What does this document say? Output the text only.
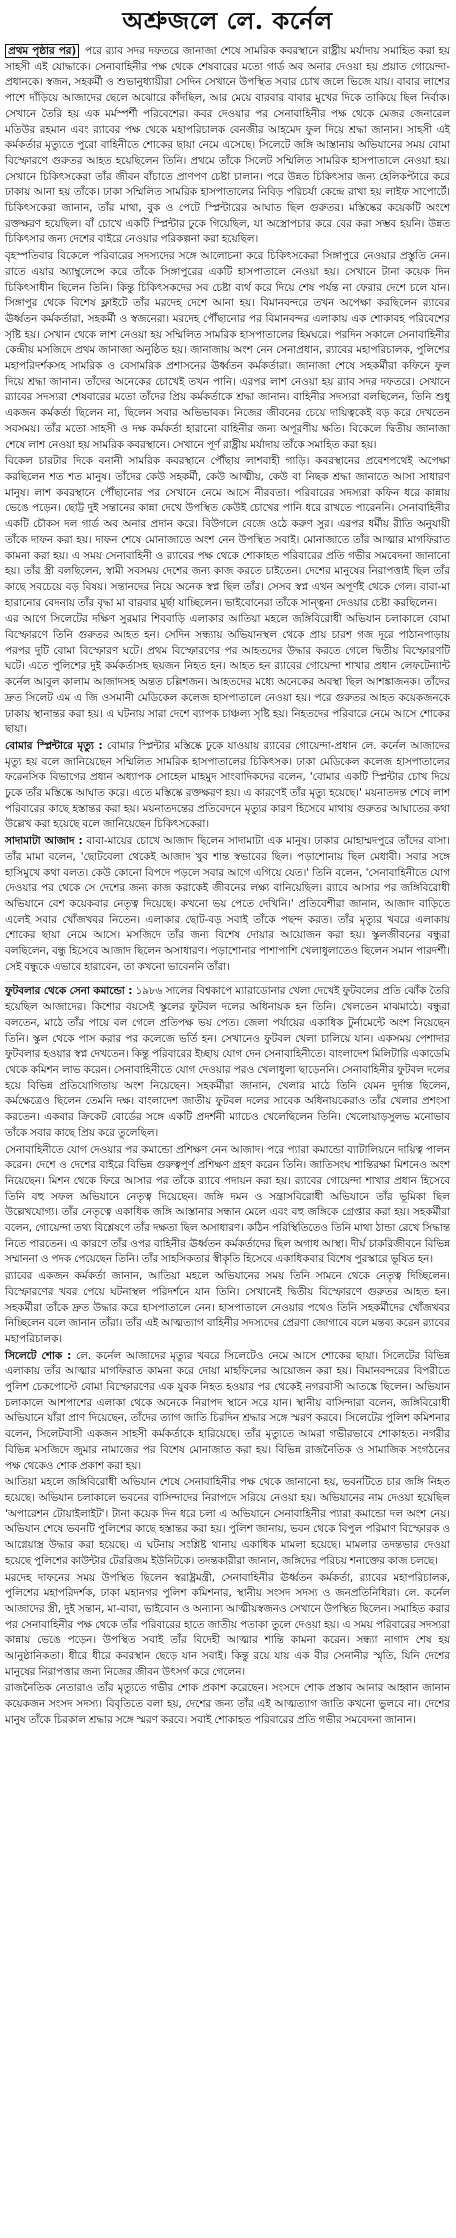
অশ্রুজলে লে. কর্নেল

প্রথম পৃষ্ঠার পর) পরে র‍্যাব সদর দফতরে জানাজা শেষে সামরিক কবরস্থানে রাষ্ট্রীয় মর্যাদায় সমাহিত করা হয় সাহসী এই যোদ্ধাকে। সেনাবাহিনীর পক্ষ থেকে শেষবারের মতো গার্ড অব অনার দেওয়া হয় প্রয়াত গোয়েন্দা-প্রধানকে। স্বজন, সহকর্মী ও শুভানুধ্যায়ীরা সেদিন সেখানে উপস্থিত সবার চোখ জলে ভিজে যায়। বাবার লাশের পাশে দাঁড়িয়ে আজাদের ছেলে অঝোরে কাঁদছিল, আর মেয়ে বারবার বাবার মুখের দিকে তাকিয়ে ছিল নির্বাক। সেখানে তৈরি হয় এক মর্মস্পর্শী পরিবেশের। কবর দেওয়ার পর সেনাবাহিনীর পক্ষ থেকে মেজর জেনারেল মতিউর রহমান এবং র‍্যাবের পক্ষ থেকে মহাপরিচালক বেনজীর আহমেদ ফুল দিয়ে শ্রদ্ধা জানান। সাহসী এই কর্মকর্তার মৃত্যুতে পুরো বাহিনীতে শোকের ছায়া নেমে এসেছে। সিলেটে জঙ্গি আস্তানায় অভিযানের সময় বোমা বিস্ফোরণে গুরুতর আহত হয়েছিলেন তিনি। প্রথমে তাঁকে সিলেট সম্মিলিত সামরিক হাসপাতালে নেওয়া হয়। সেখানে চিকিৎসকেরা তাঁর জীবন বাঁচাতে প্রাণপণ চেষ্টা চালান। পরে উন্নত চিকিৎসার জন্য হেলিকপ্টারে করে ঢাকায় আনা হয় তাঁকে। ঢাকা সম্মিলিত সামরিক হাসপাতালের নিবিড় পরিচর্যা কেন্দ্রে রাখা হয় লাইফ সাপোর্টে। চিকিৎসকেরা জানান, তাঁর মাথা, বুক ও পেটে স্প্লিন্টারের আঘাত ছিল গুরুতর। মস্তিষ্কের কয়েকটি অংশে রক্তক্ষরণ হয়েছিল। বাঁ চোখে একটি স্প্লিন্টার ঢুকে গিয়েছিল, যা অস্ত্রোপচার করে বের করা সম্ভব হয়নি। উন্নত চিকিৎসার জন্য দেশের বাইরে নেওয়ার পরিকল্পনা করা হয়েছিল।

বৃহস্পতিবার বিকেলে পরিবারের সদস্যদের সঙ্গে আলোচনা করে চিকিৎসকেরা সিঙ্গাপুরে নেওয়ার প্রস্তুতি নেন। রাতে এয়ার অ্যাম্বুলেন্সে করে তাঁকে সিঙ্গাপুরের একটি হাসপাতালে নেওয়া হয়। সেখানে টানা কয়েক দিন চিকিৎসাধীন ছিলেন তিনি। কিন্তু চিকিৎসকদের সব চেষ্টা ব্যর্থ করে দিয়ে শেষ পর্যন্ত না ফেরার দেশে চলে যান। সিঙ্গাপুর থেকে বিশেষ ফ্লাইটে তাঁর মরদেহ দেশে আনা হয়। বিমানবন্দরে তখন অপেক্ষা করছিলেন র‍্যাবের ঊর্ধ্বতন কর্মকর্তারা, সহকর্মী ও স্বজনেরা। মরদেহ পৌঁছানোর পর বিমানবন্দর এলাকায় এক শোকাবহ পরিবেশের সৃষ্টি হয়। সেখান থেকে লাশ নেওয়া হয় সম্মিলিত সামরিক হাসপাতালের হিমঘরে। পরদিন সকালে সেনাবাহিনীর কেন্দ্রীয় মসজিদে প্রথম জানাজা অনুষ্ঠিত হয়। জানাজায় অংশ নেন সেনাপ্রধান, র‍্যাবের মহাপরিচালক, পুলিশের মহাপরিদর্শকসহ সামরিক ও বেসামরিক প্রশাসনের ঊর্ধ্বতন কর্মকর্তারা। জানাজা শেষে সহকর্মীরা কফিনে ফুল দিয়ে শ্রদ্ধা জানান। তাঁদের অনেকের চোখেই তখন পানি। এরপর লাশ নেওয়া হয় র‍্যাব সদর দফতরে। সেখানে র‍্যাবের সদস্যরা শেষবারের মতো তাঁদের প্রিয় কর্মকর্তাকে শ্রদ্ধা জানান। বাহিনীর সদস্যরা বলছিলেন, তিনি শুধু একজন কর্মকর্তা ছিলেন না, ছিলেন সবার অভিভাবক। নিজের জীবনের চেয়ে দায়িত্বকেই বড় করে দেখতেন সবসময়। তাঁর মতো সাহসী ও দক্ষ কর্মকর্তা হারানো বাহিনীর জন্য অপূরণীয় ক্ষতি। বিকেলে দ্বিতীয় জানাজা শেষে লাশ নেওয়া হয় সামরিক কবরস্থানে। সেখানে পূর্ণ রাষ্ট্রীয় মর্যাদায় তাঁকে সমাহিত করা হয়।

বিকেল চারটার দিকে বনানী সামরিক কবরস্থানে পৌঁছায় লাশবাহী গাড়ি। কবরস্থানের প্রবেশপথেই অপেক্ষা করছিলেন শত শত মানুষ। তাঁদের কেউ সহকর্মী, কেউ আত্মীয়, কেউ বা নিছক শ্রদ্ধা জানাতে আসা সাধারণ মানুষ। লাশ কবরস্থানে পৌঁছানোর পর সেখানে নেমে আসে নীরবতা। পরিবারের সদস্যরা কফিন ধরে কান্নায় ভেঙে পড়েন। ছোট্ট দুই সন্তানের কান্না দেখে উপস্থিত কেউই চোখের পানি ধরে রাখতে পারেননি। সেনাবাহিনীর একটি চৌকস দল গার্ড অব অনার প্রদান করে। বিউগলে বেজে ওঠে করুণ সুর। এরপর ধর্মীয় রীতি অনুযায়ী তাঁকে দাফন করা হয়। দাফন শেষে মোনাজাতে অংশ নেন উপস্থিত সবাই। মোনাজাতে তাঁর আত্মার মাগফিরাত কামনা করা হয়। এ সময় সেনাবাহিনী ও র‍্যাবের পক্ষ থেকে শোকাহত পরিবারের প্রতি গভীর সমবেদনা জানানো হয়। তাঁর স্ত্রী বলছিলেন, স্বামী সবসময় দেশের জন্য কাজ করতে চাইতেন। দেশের মানুষের নিরাপত্তাই ছিল তাঁর কাছে সবচেয়ে বড় বিষয়। সন্তানদের নিয়ে অনেক স্বপ্ন ছিল তাঁর। সেসব স্বপ্ন এখন অপূর্ণই থেকে গেল। বাবা-মা হারানোর বেদনায় তাঁর বৃদ্ধা মা বারবার মূর্ছা যাচ্ছিলেন। ভাইবোনেরা তাঁকে সান্ত্বনা দেওয়ার চেষ্টা করছিলেন।

এর আগে সিলেটের দক্ষিণ সুরমার শিববাড়ি এলাকার আতিয়া মহলে জঙ্গিবিরোধী অভিযান চলাকালে বোমা বিস্ফোরণে তিনি গুরুতর আহত হন। সেদিন সন্ধ্যায় অভিযানস্থল থেকে প্রায় চারশ গজ দূরে পাঠানপাড়ায় পরপর দুটি বোমা বিস্ফোরণ ঘটে। প্রথম বিস্ফোরণের পর আহতদের উদ্ধার করতে গেলে দ্বিতীয় বিস্ফোরণটি ঘটে। এতে পুলিশের দুই কর্মকর্তাসহ ছয়জন নিহত হন। আহত হন র‍্যাবের গোয়েন্দা শাখার প্রধান লেফটেন্যান্ট কর্নেল আবুল কালাম আজাদসহ অন্তত চল্লিশজন। আহতদের মধ্যে অনেকের অবস্থা ছিল আশঙ্কাজনক। তাঁদের দ্রুত সিলেট এম এ জি ওসমানী মেডিকেল কলেজ হাসপাতালে নেওয়া হয়। পরে গুরুতর আহত কয়েকজনকে ঢাকায় স্থানান্তর করা হয়। এ ঘটনায় সারা দেশে ব্যাপক চাঞ্চল্য সৃষ্টি হয়। নিহতদের পরিবারে নেমে আসে শোকের ছায়া।

বোমার স্প্লিন্টারে মৃত্যু : বোমার স্প্লিন্টার মস্তিষ্কে ঢুকে যাওয়ায় র‍্যাবের গোয়েন্দা-প্রধান লে. কর্নেল আজাদের মৃত্যু হয় বলে জানিয়েছেন সম্মিলিত সামরিক হাসপাতালের চিকিৎসক। ঢাকা মেডিকেল কলেজ হাসপাতালের ফরেনসিক বিভাগের প্রধান অধ্যাপক সোহেল মাহমুদ সাংবাদিকদের বলেন, 'বোমার একটি স্প্লিন্টার চোখ দিয়ে ঢুকে তাঁর মস্তিষ্কে আঘাত করে। এতে মস্তিষ্কে রক্তক্ষরণ হয়। এ কারণেই তাঁর মৃত্যু হয়েছে।' ময়নাতদন্ত শেষে লাশ পরিবারের কাছে হস্তান্তর করা হয়। ময়নাতদন্তের প্রতিবেদনে মৃত্যুর কারণ হিসেবে মাথায় গুরুতর আঘাতের কথা উল্লেখ করা হয়েছে বলে জানিয়েছেন চিকিৎসকেরা।

সাদামাটা আজাদ : বাবা-মায়ের চোখে আজাদ ছিলেন সাদামাটা এক মানুষ। ঢাকার মোহাম্মদপুরে তাঁদের বাসা। তাঁর মামা বলেন, 'ছোটবেলা থেকেই আজাদ খুব শান্ত স্বভাবের ছিল। পড়াশোনায় ছিল মেধাবী। সবার সঙ্গে হাসিমুখে কথা বলত। কেউ কোনো বিপদে পড়লে সবার আগে এগিয়ে যেত।' তিনি বলেন, 'সেনাবাহিনীতে যোগ দেওয়ার পর থেকে সে দেশের জন্য কাজ করাকেই জীবনের লক্ষ্য বানিয়েছিল। র‍্যাবে আসার পর জঙ্গিবিরোধী অভিযানে বেশ কয়েকবার নেতৃত্ব দিয়েছে। কখনো ভয় পেতে দেখিনি।' প্রতিবেশীরা জানান, আজাদ বাড়িতে এলেই সবার খোঁজখবর নিতেন। এলাকার ছোট-বড় সবাই তাঁকে পছন্দ করত। তাঁর মৃত্যুর খবরে এলাকায় শোকের ছায়া নেমে আসে। মসজিদে তাঁর জন্য বিশেষ দোয়ার আয়োজন করা হয়। স্কুলজীবনের বন্ধুরা বলছিলেন, বন্ধু হিসেবে আজাদ ছিলেন অসাধারণ। পড়াশোনার পাশাপাশি খেলাধুলাতেও ছিলেন সমান পারদর্শী। সেই বন্ধুকে এভাবে হারাবেন, তা কখনো ভাবেননি তাঁরা।

ফুটবলার থেকে সেনা কমান্ডো : ১৯৮৬ সালের বিশ্বকাপে ম্যারাডোনার খেলা দেখেই ফুটবলের প্রতি ঝোঁক তৈরি হয়েছিল আজাদের। কিশোর বয়সেই স্কুলের ফুটবল দলের অধিনায়ক হন তিনি। খেলতেন মাঝমাঠে। বন্ধুরা বলতেন, মাঠে তাঁর পায়ে বল গেলে প্রতিপক্ষ ভয় পেত। জেলা পর্যায়ের একাধিক টুর্নামেন্টে অংশ নিয়েছেন তিনি। স্কুল থেকে পাস করার পর কলেজে ভর্তি হন। সেখানেও ফুটবল খেলা চালিয়ে যান। একসময় পেশাদার ফুটবলার হওয়ার স্বপ্ন দেখতেন। কিন্তু পরিবারের ইচ্ছায় যোগ দেন সেনাবাহিনীতে। বাংলাদেশ মিলিটারি একাডেমি থেকে কমিশন লাভ করেন। সেনাবাহিনীতে যোগ দেওয়ার পরও খেলাধুলা ছাড়েননি। সেনাবাহিনীর ফুটবল দলের হয়ে বিভিন্ন প্রতিযোগিতায় অংশ নিয়েছেন। সহকর্মীরা জানান, খেলার মাঠে তিনি যেমন দুর্দান্ত ছিলেন, কর্মক্ষেত্রেও ছিলেন তেমনি দক্ষ। বাংলাদেশ জাতীয় ফুটবল দলের সাবেক অধিনায়কেরাও তাঁর খেলার প্রশংসা করতেন। একবার ক্রিকেট বোর্ডের সঙ্গে একটি প্রদর্শনী ম্যাচেও খেলেছিলেন তিনি। খেলোয়াড়সুলভ মনোভাব তাঁকে সবার কাছে প্রিয় করে তুলেছিল।

সেনাবাহিনীতে যোগ দেওয়ার পর কমান্ডো প্রশিক্ষণ নেন আজাদ। পরে প্যারা কমান্ডো ব্যাটালিয়নে দায়িত্ব পালন করেন। দেশে ও দেশের বাইরে বিভিন্ন গুরুত্বপূর্ণ প্রশিক্ষণ গ্রহণ করেন তিনি। জাতিসংঘ শান্তিরক্ষা মিশনেও অংশ নিয়েছেন। মিশন থেকে ফিরে আসার পর তাঁকে র‍্যাবে পদায়ন করা হয়। র‍্যাবের গোয়েন্দা শাখার প্রধান হিসেবে তিনি বহু সফল অভিযানে নেতৃত্ব দিয়েছেন। জঙ্গি দমন ও সন্ত্রাসবিরোধী অভিযানে তাঁর ভূমিকা ছিল উল্লেখযোগ্য। তাঁর নেতৃত্বে একাধিক জঙ্গি আস্তানার সন্ধান মেলে এবং বহু জঙ্গিকে গ্রেপ্তার করা হয়। সহকর্মীরা বলেন, গোয়েন্দা তথ্য বিশ্লেষণে তাঁর দক্ষতা ছিল অসাধারণ। কঠিন পরিস্থিতিতেও তিনি মাথা ঠান্ডা রেখে সিদ্ধান্ত নিতে পারতেন। এ কারণে তাঁর ওপর বাহিনীর ঊর্ধ্বতন কর্মকর্তাদের ছিল অগাধ আস্থা। দীর্ঘ চাকরিজীবনে বিভিন্ন সম্মাননা ও পদক পেয়েছেন তিনি। তাঁর সাহসিকতার স্বীকৃতি হিসেবে একাধিকবার বিশেষ পুরস্কারে ভূষিত হন।

র‍্যাবের একজন কর্মকর্তা জানান, আতিয়া মহলে অভিযানের সময় তিনি সামনে থেকে নেতৃত্ব দিচ্ছিলেন। বিস্ফোরণের খবর পেয়ে ঘটনাস্থল পরিদর্শনে যান তিনি। সেখানেই দ্বিতীয় বিস্ফোরণে গুরুতর আহত হন। সহকর্মীরা তাঁকে দ্রুত উদ্ধার করে হাসপাতালে নেন। হাসপাতালে নেওয়ার পথেও তিনি সহকর্মীদের খোঁজখবর নিচ্ছিলেন বলে জানান তাঁরা। তাঁর এই আত্মত্যাগ বাহিনীর সদস্যদের প্রেরণা জোগাবে বলে মন্তব্য করেন র‍্যাবের মহাপরিচালক।

সিলেটে শোক : লে. কর্নেল আজাদের মৃত্যুর খবরে সিলেটেও নেমে আসে শোকের ছায়া। সিলেটের বিভিন্ন এলাকায় তাঁর আত্মার মাগফিরাত কামনা করে দোয়া মাহফিলের আয়োজন করা হয়। বিমানবন্দরের বিপরীতে পুলিশ চেকপোস্টে বোমা বিস্ফোরণের এক যুবক নিহত হওয়ার পর থেকেই নগরবাসী আতঙ্কে ছিলেন। অভিযান চলাকালে আশপাশের এলাকা থেকে অনেকে নিরাপদ স্থানে সরে যান। স্থানীয় বাসিন্দারা বলেন, জঙ্গিবিরোধী অভিযানে যাঁরা প্রাণ দিয়েছেন, তাঁদের ত্যাগ জাতি চিরদিন শ্রদ্ধার সঙ্গে স্মরণ করবে। সিলেটের পুলিশ কমিশনার বলেন, সিলেটবাসী একজন সাহসী কর্মকর্তাকে হারিয়েছে। তাঁর মৃত্যুতে আমরা গভীরভাবে শোকাহত। নগরীর বিভিন্ন মসজিদে জুমার নামাজের পর বিশেষ মোনাজাত করা হয়। বিভিন্ন রাজনৈতিক ও সামাজিক সংগঠনের পক্ষ থেকেও শোক প্রকাশ করা হয়।

আতিয়া মহলে জঙ্গিবিরোধী অভিযান শেষে সেনাবাহিনীর পক্ষ থেকে জানানো হয়, ভবনটিতে চার জঙ্গি নিহত হয়েছে। অভিযান চলাকালে ভবনের বাসিন্দাদের নিরাপদে সরিয়ে নেওয়া হয়। অভিযানের নাম দেওয়া হয়েছিল 'অপারেশন টোয়াইলাইট'। টানা কয়েক দিন ধরে চলা এ অভিযানে সেনাবাহিনীর প্যারা কমান্ডো দল অংশ নেয়। অভিযান শেষে ভবনটি পুলিশের কাছে হস্তান্তর করা হয়। পুলিশ জানায়, ভবন থেকে বিপুল পরিমাণ বিস্ফোরক ও আগ্নেয়াস্ত্র উদ্ধার করা হয়েছে। এ ঘটনায় সংশ্লিষ্ট থানায় একাধিক মামলা হয়েছে। মামলার তদন্তভার দেওয়া হয়েছে পুলিশের কাউন্টার টেররিজম ইউনিটকে। তদন্তকারীরা জানান, জঙ্গিদের পরিচয় শনাক্তের কাজ চলছে।

মরদেহ দাফনের সময় উপস্থিত ছিলেন স্বরাষ্ট্রমন্ত্রী, সেনাবাহিনীর ঊর্ধ্বতন কর্মকর্তা, র‍্যাবের মহাপরিচালক, পুলিশের মহাপরিদর্শক, ঢাকা মহানগর পুলিশ কমিশনার, স্থানীয় সংসদ সদস্য ও জনপ্রতিনিধিরা। লে. কর্নেল আজাদের স্ত্রী, দুই সন্তান, মা-বাবা, ভাইবোন ও অন্যান্য আত্মীয়স্বজনও সেখানে উপস্থিত ছিলেন। সমাহিত করার পর সেনাবাহিনীর পক্ষ থেকে তাঁর পরিবারের হাতে জাতীয় পতাকা তুলে দেওয়া হয়। এ সময় পরিবারের সদস্যরা কান্নায় ভেঙে পড়েন। উপস্থিত সবাই তাঁর বিদেহী আত্মার শান্তি কামনা করেন। সন্ধ্যা নাগাদ শেষ হয় আনুষ্ঠানিকতা। ধীরে ধীরে কবরস্থান ছেড়ে যান সবাই। কিন্তু রয়ে যায় এক বীর সেনানীর স্মৃতি, যিনি দেশের মানুষের নিরাপত্তার জন্য নিজের জীবন উৎসর্গ করে গেলেন।

রাজনৈতিক নেতারাও তাঁর মৃত্যুতে গভীর শোক প্রকাশ করেছেন। সংসদে শোক প্রস্তাব আনার আহ্বান জানান কয়েকজন সংসদ সদস্য। বিবৃতিতে বলা হয়, দেশের জন্য তাঁর এই আত্মত্যাগ জাতি কখনো ভুলবে না। দেশের মানুষ তাঁকে চিরকাল শ্রদ্ধার সঙ্গে স্মরণ করবে। সবাই শোকাহত পরিবারের প্রতি গভীর সমবেদনা জানান।
